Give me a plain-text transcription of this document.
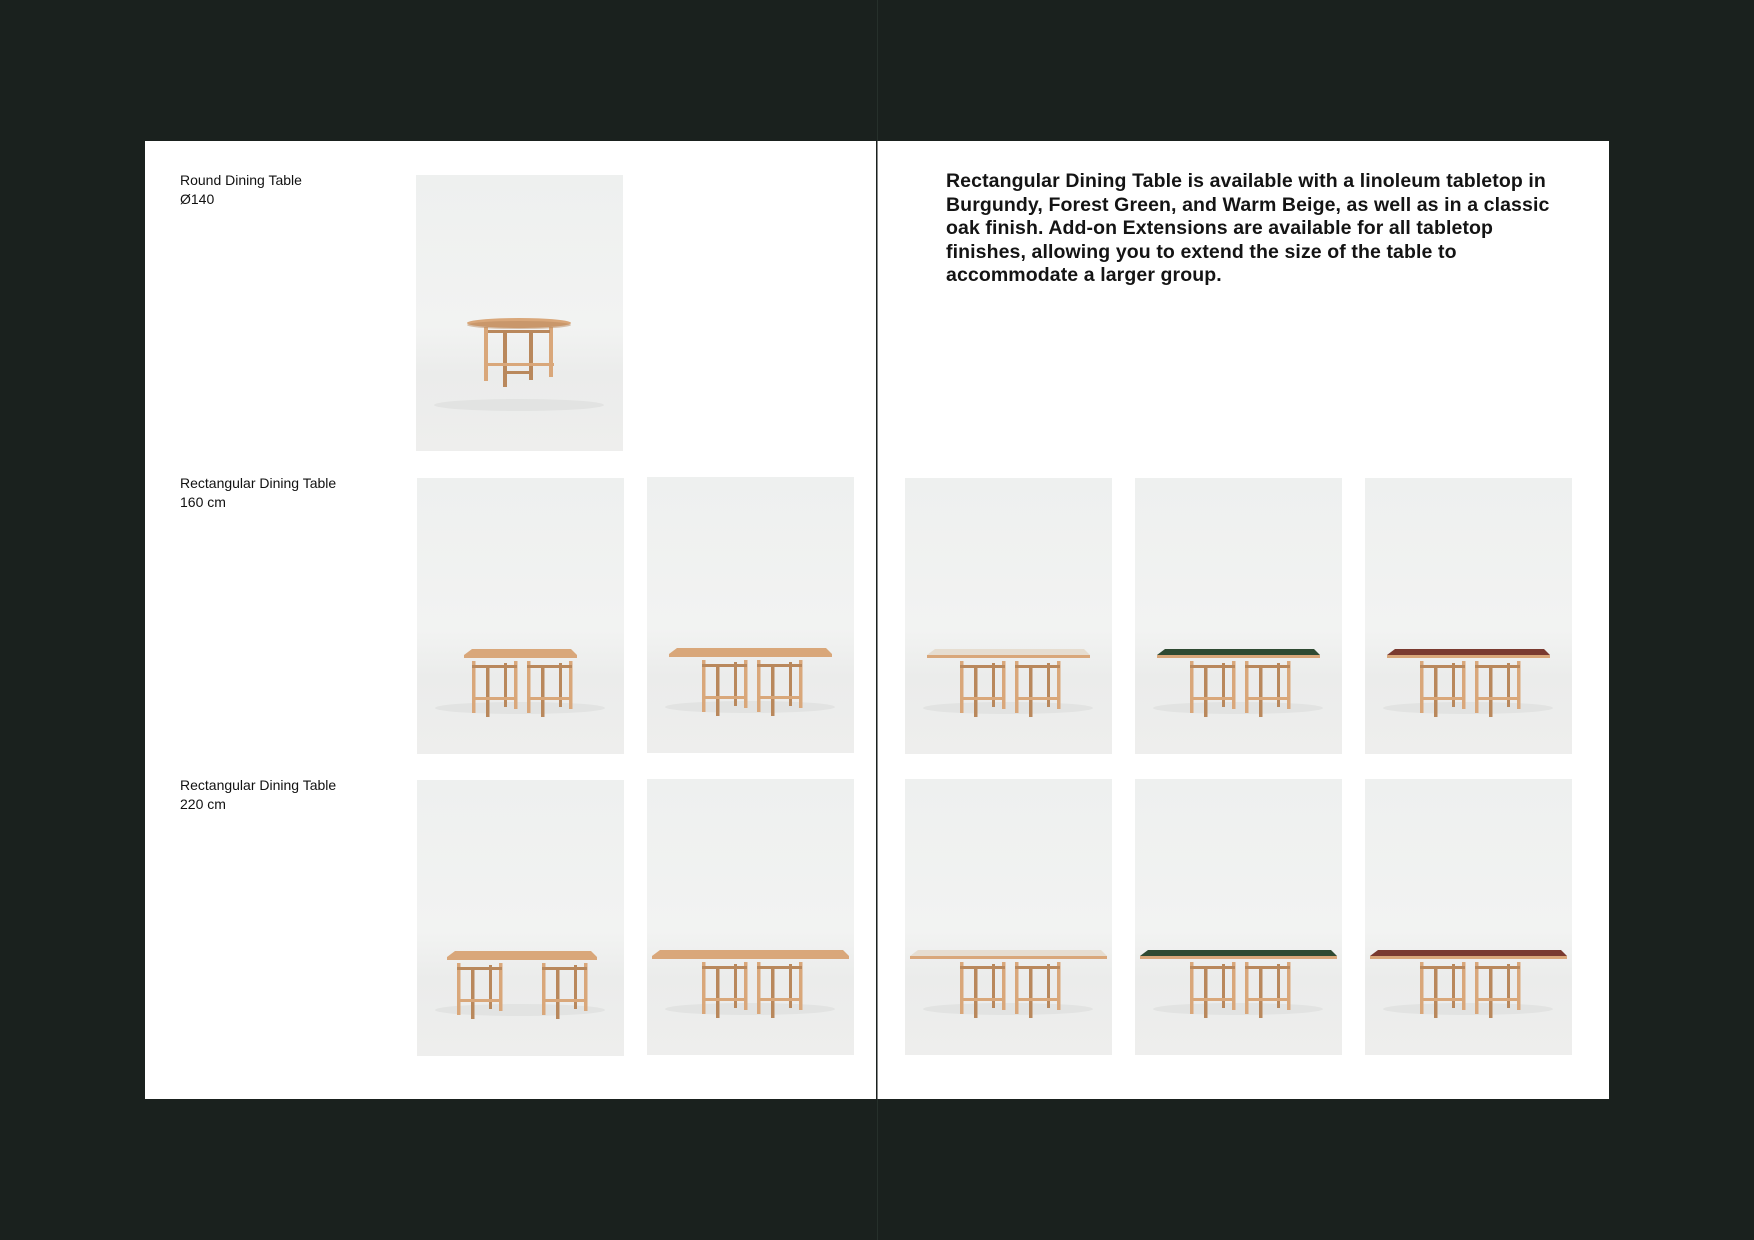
Round Dining Table
Ø140
Rectangular Dining Table
160 cm
Rectangular Dining Table
220 cm
Rectangular Dining Table is available with a linoleum tabletop in Burgundy, Forest Green, and Warm Beige, as well as in a classic oak finish. Add-on Extensions are available for all tabletop finishes, allowing you to extend the size of the table to accommodate a larger group.
